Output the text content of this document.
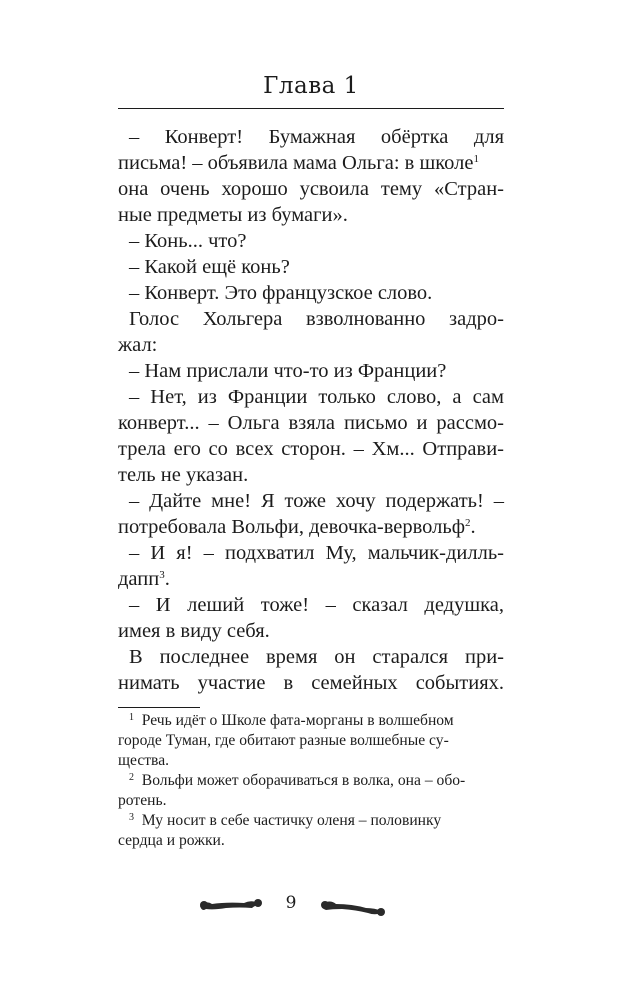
Глава 1
– Конверт! Бумажная обёртка для
письма! – объявила мама Ольга: в школе$^1$
она очень хорошо усвоила тему «Стран-
ные предметы из бумаги».
– Конь... что?
– Какой ещё конь?
– Конверт. Это французское слово.
Голос Хольгера взволнованно задро-
жал:
– Нам прислали что-то из Франции?
– Нет, из Франции только слово, а сам
конверт... – Ольга взяла письмо и рассмо-
трела его со всех сторон. – Хм... Отправи-
тель не указан.
– Дайте мне! Я тоже хочу подержать! –
потребовала Вольфи, девочка-вервольф$^2$.
– И я! – подхватил Му, мальчик-дилль-
дапп$^3$.
– И леший тоже! – сказал дедушка,
имея в виду себя.
В последнее время он старался при-
нимать участие в семейных событиях.
$^1$ Речь идёт о Школе фата-морганы в волшебном
городе Туман, где обитают разные волшебные су-
щества.
$^2$ Вольфи может оборачиваться в волка, она – обо-
ротень.
$^3$ Му носит в себе частичку оленя – половинку
сердца и рожки.
9
